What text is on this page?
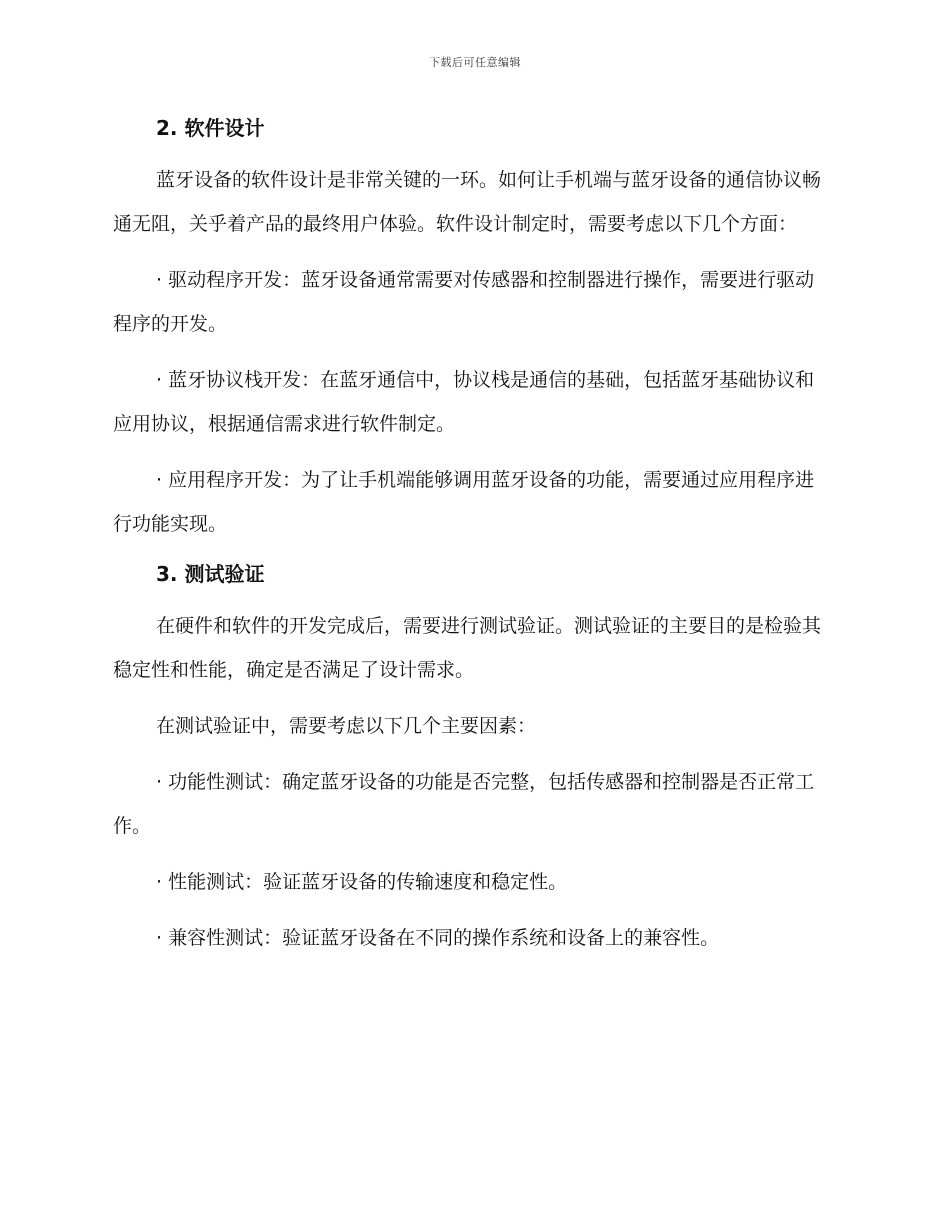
下载后可任意编辑
2. 软件设计

蓝牙设备的软件设计是非常关键的一环。如何让手机端与蓝牙设备的通信协议畅通无阻，关乎着产品的最终用户体验。软件设计制定时，需要考虑以下几个方面：

· 驱动程序开发：蓝牙设备通常需要对传感器和控制器进行操作，需要进行驱动程序的开发。

· 蓝牙协议栈开发：在蓝牙通信中，协议栈是通信的基础，包括蓝牙基础协议和应用协议，根据通信需求进行软件制定。

· 应用程序开发：为了让手机端能够调用蓝牙设备的功能，需要通过应用程序进行功能实现。

3. 测试验证

在硬件和软件的开发完成后，需要进行测试验证。测试验证的主要目的是检验其稳定性和性能，确定是否满足了设计需求。

在测试验证中，需要考虑以下几个主要因素：

· 功能性测试：确定蓝牙设备的功能是否完整，包括传感器和控制器是否正常工作。

· 性能测试：验证蓝牙设备的传输速度和稳定性。

· 兼容性测试：验证蓝牙设备在不同的操作系统和设备上的兼容性。
